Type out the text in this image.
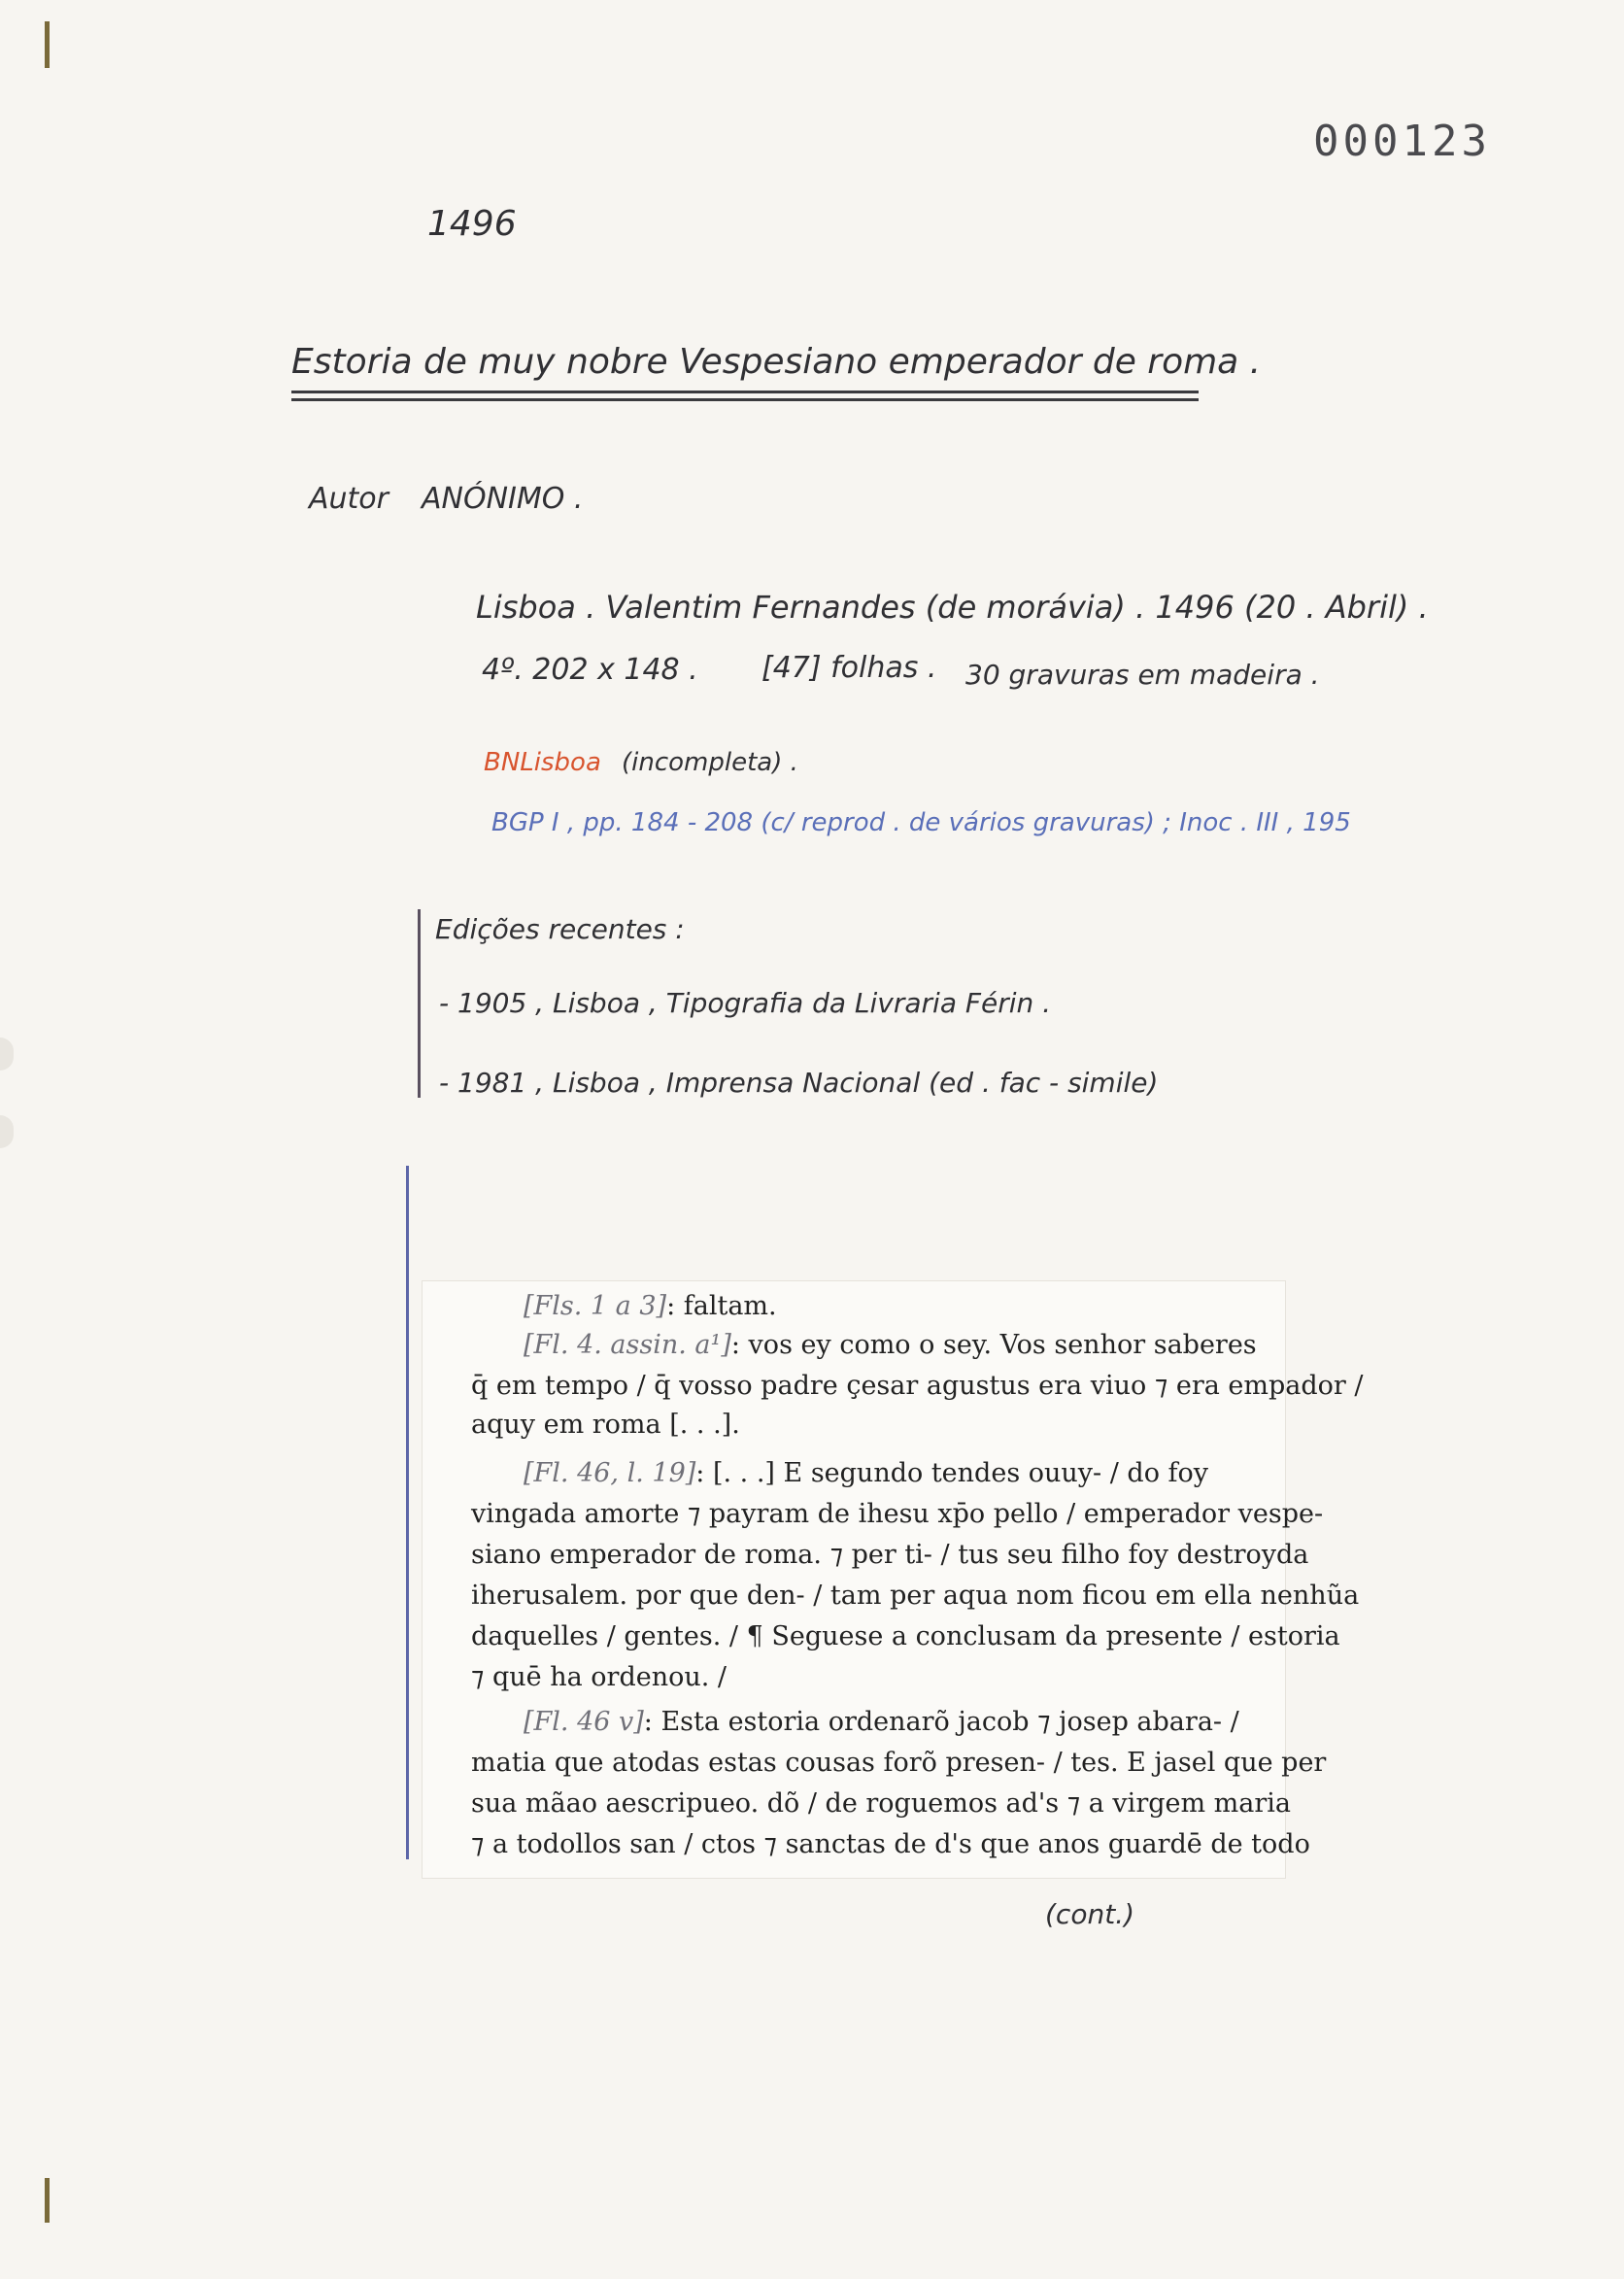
000123
1496
Estoria de muy nobre Vespesiano emperador de roma .
Autor ANÓNIMO .
Lisboa . Valentim Fernandes (de morávia) . 1496 (20 . Abril) .
4º. 202 x 148 . [47] folhas . 30 gravuras em madeira .
BNLisboa (incompleta) .
BGP I , pp. 184 - 208 (c/ reprod . de vários gravuras) ; Inoc . III , 195
Edições recentes :
- 1905 , Lisboa , Tipografia da Livraria Férin .
- 1981 , Lisboa , Imprensa Nacional (ed . fac - simile)
[Fls. 1 a 3]: faltam.
[Fl. 4. assin. a¹]: vos ey como o sey. Vos senhor saberes
q̄ em tempo / q̄ vosso padre çesar agustus era viuo ⁊ era empador /
aquy em roma [. . .].
[Fl. 46, l. 19]: [. . .] E segundo tendes ouuy- / do foy
vingada amorte ⁊ payram de ihesu xp̄o pello / emperador vespe-
siano emperador de roma. ⁊ per ti- / tus seu filho foy destroyda
iherusalem. por que den- / tam per aqua nom ficou em ella nenhũa
daquelles / gentes. / ¶ Seguese a conclusam da presente / estoria
⁊ quē ha ordenou. /
[Fl. 46 v]: Esta estoria ordenarõ jacob ⁊ josep abara- /
matia que atodas estas cousas forõ presen- / tes. E jasel que per
sua mãao aescripueo. dõ / de roguemos ad's ⁊ a virgem maria
⁊ a todollos san / ctos ⁊ sanctas de d's que anos guardē de todo
(cont.)
